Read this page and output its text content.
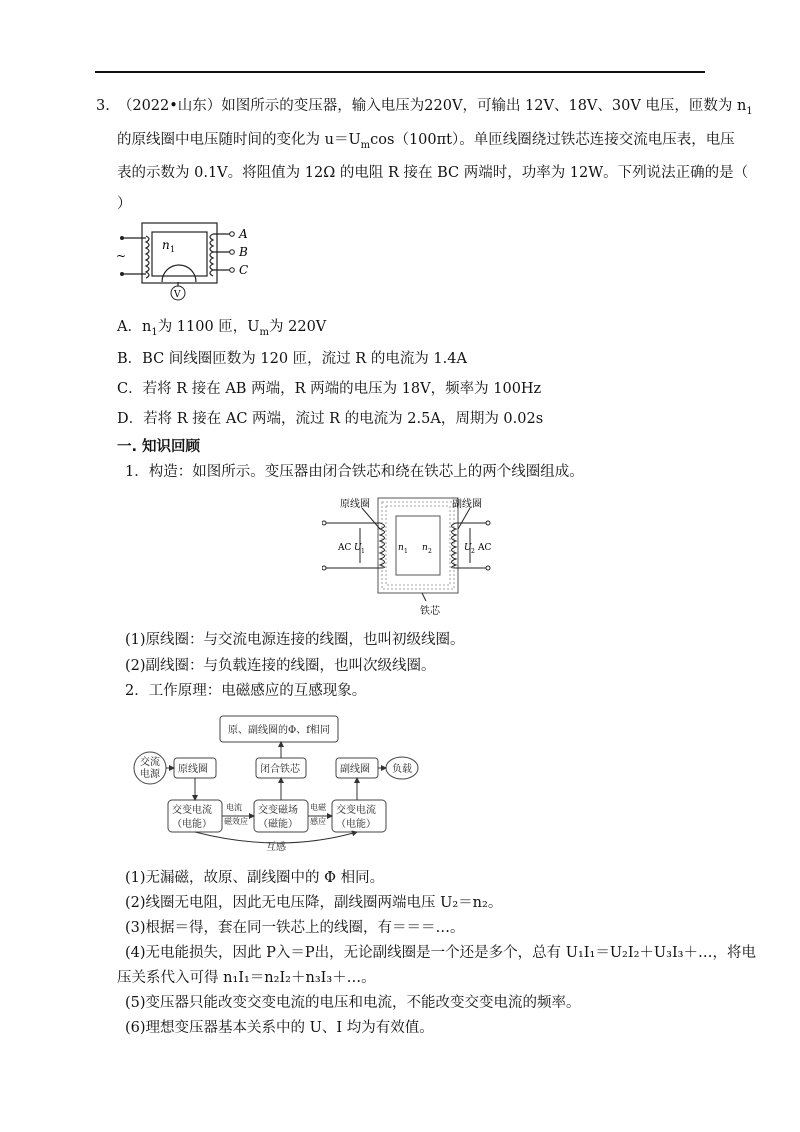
3. （2022•山东）如图所示的变压器，输入电压为220V，可输出 12V、18V、30V 电压，匝数为 $n_1$
的原线圈中电压随时间的变化为 $u=U_m\cos(100\pi t)$。单匝线圈绕过铁芯连接交流电压表，电压
表的示数为 0.1V。将阻值为 12Ω 的电阻 R 接在 BC 两端时，功率为 12W。下列说法正确的是（
）
V
n 1
~
A
B
C
A．$n_1$为 1100 匝，$U_m$为 220V
B．BC 间线圈匝数为 120 匝，流过 R 的电流为 1.4A
C．若将 R 接在 AB 两端，R 两端的电压为 18V，频率为 100Hz
D．若将 R 接在 AC 两端，流过 R 的电流为 2.5A，周期为 0.02s
一. 知识回顾
1．构造：如图所示。变压器由闭合铁芯和绕在铁芯上的两个线圈组成。
原线圈	副线圈
AC U 1	n 1 n 2	U 2 AC
铁芯
(1)原线圈：与交流电源连接的线圈，也叫初级线圈。
(2)副线圈：与负载连接的线圈，也叫次级线圈。
2．工作原理：电磁感应的互感现象。
原、副线圈的Φ、f相同
交流
电源 原线圈	闭合铁芯	副线圈 负载
交变电流
（电能）
交变磁场
（磁能）
交变电流
（电能）
电流
磁效应
电磁
感应
互感
(1)无漏磁，故原、副线圈中的 Φ 相同。
(2)线圈无电阻，因此无电压降，副线圈两端电压 U₂＝n₂。
(3)根据＝得，套在同一铁芯上的线圈，有＝＝＝…。
(4)无电能损失，因此 P入＝P出，无论副线圈是一个还是多个，总有 U₁I₁＝U₂I₂＋U₃I₃＋…，将电
压关系代入可得 n₁I₁＝n₂I₂＋n₃I₃＋…。
(5)变压器只能改变交变电流的电压和电流，不能改变交变电流的频率。
(6)理想变压器基本关系中的 U、I 均为有效值。
